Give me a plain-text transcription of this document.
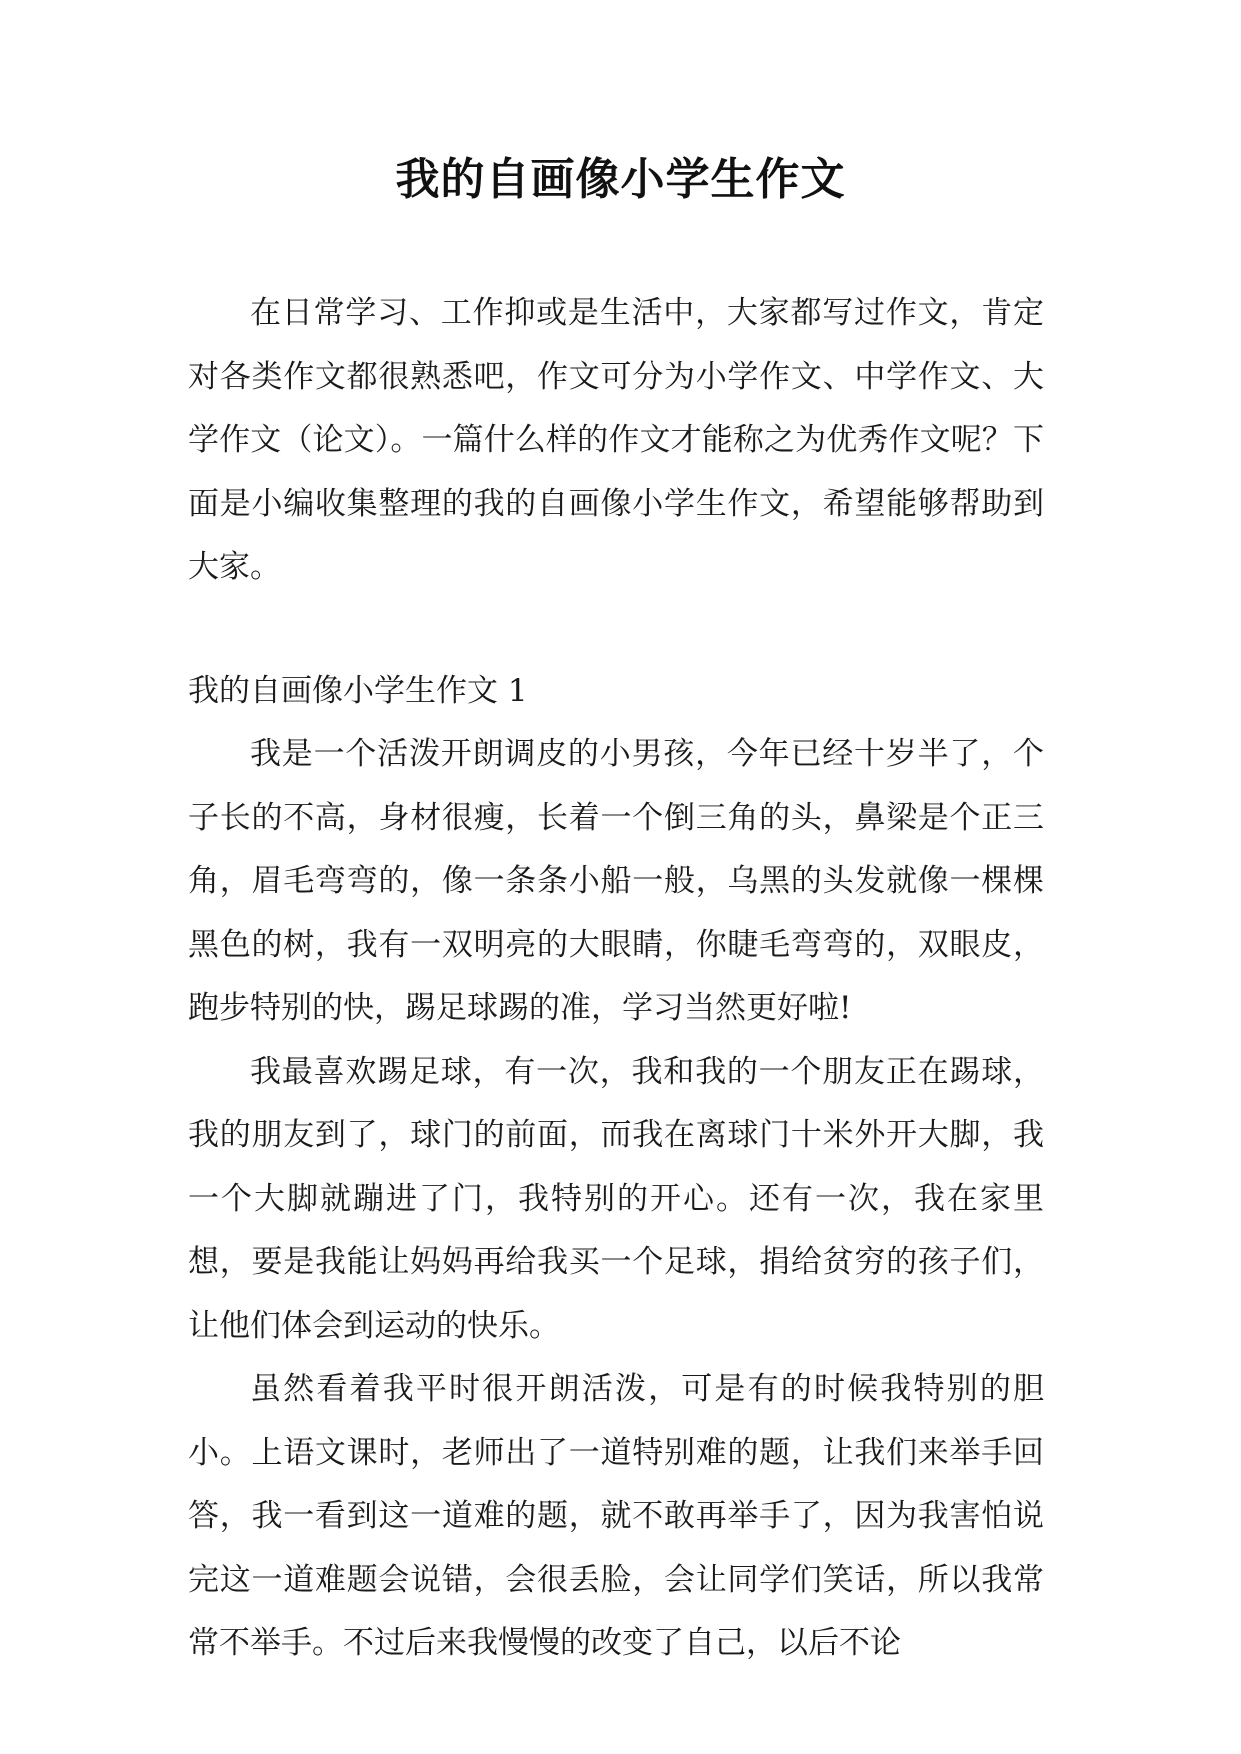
我的自画像小学生作文

在日常学习、工作抑或是生活中，大家都写过作文，肯定对各类作文都很熟悉吧，作文可分为小学作文、中学作文、大学作文（论文）。一篇什么样的作文才能称之为优秀作文呢？下面是小编收集整理的我的自画像小学生作文，希望能够帮助到大家。

我的自画像小学生作文 1

我是一个活泼开朗调皮的小男孩，今年已经十岁半了，个子长的不高，身材很瘦，长着一个倒三角的头，鼻梁是个正三角，眉毛弯弯的，像一条条小船一般，乌黑的头发就像一棵棵黑色的树，我有一双明亮的大眼睛，你睫毛弯弯的，双眼皮，跑步特别的快，踢足球踢的准，学习当然更好啦!

我最喜欢踢足球，有一次，我和我的一个朋友正在踢球，我的朋友到了，球门的前面，而我在离球门十米外开大脚，我一个大脚就蹦进了门，我特别的开心。还有一次，我在家里想，要是我能让妈妈再给我买一个足球，捐给贫穷的孩子们，让他们体会到运动的快乐。

虽然看着我平时很开朗活泼，可是有的时候我特别的胆小。上语文课时，老师出了一道特别难的题，让我们来举手回答，我一看到这一道难的题，就不敢再举手了，因为我害怕说完这一道难题会说错，会很丢脸，会让同学们笑话，所以我常常不举手。不过后来我慢慢的改变了自己，以后不论
